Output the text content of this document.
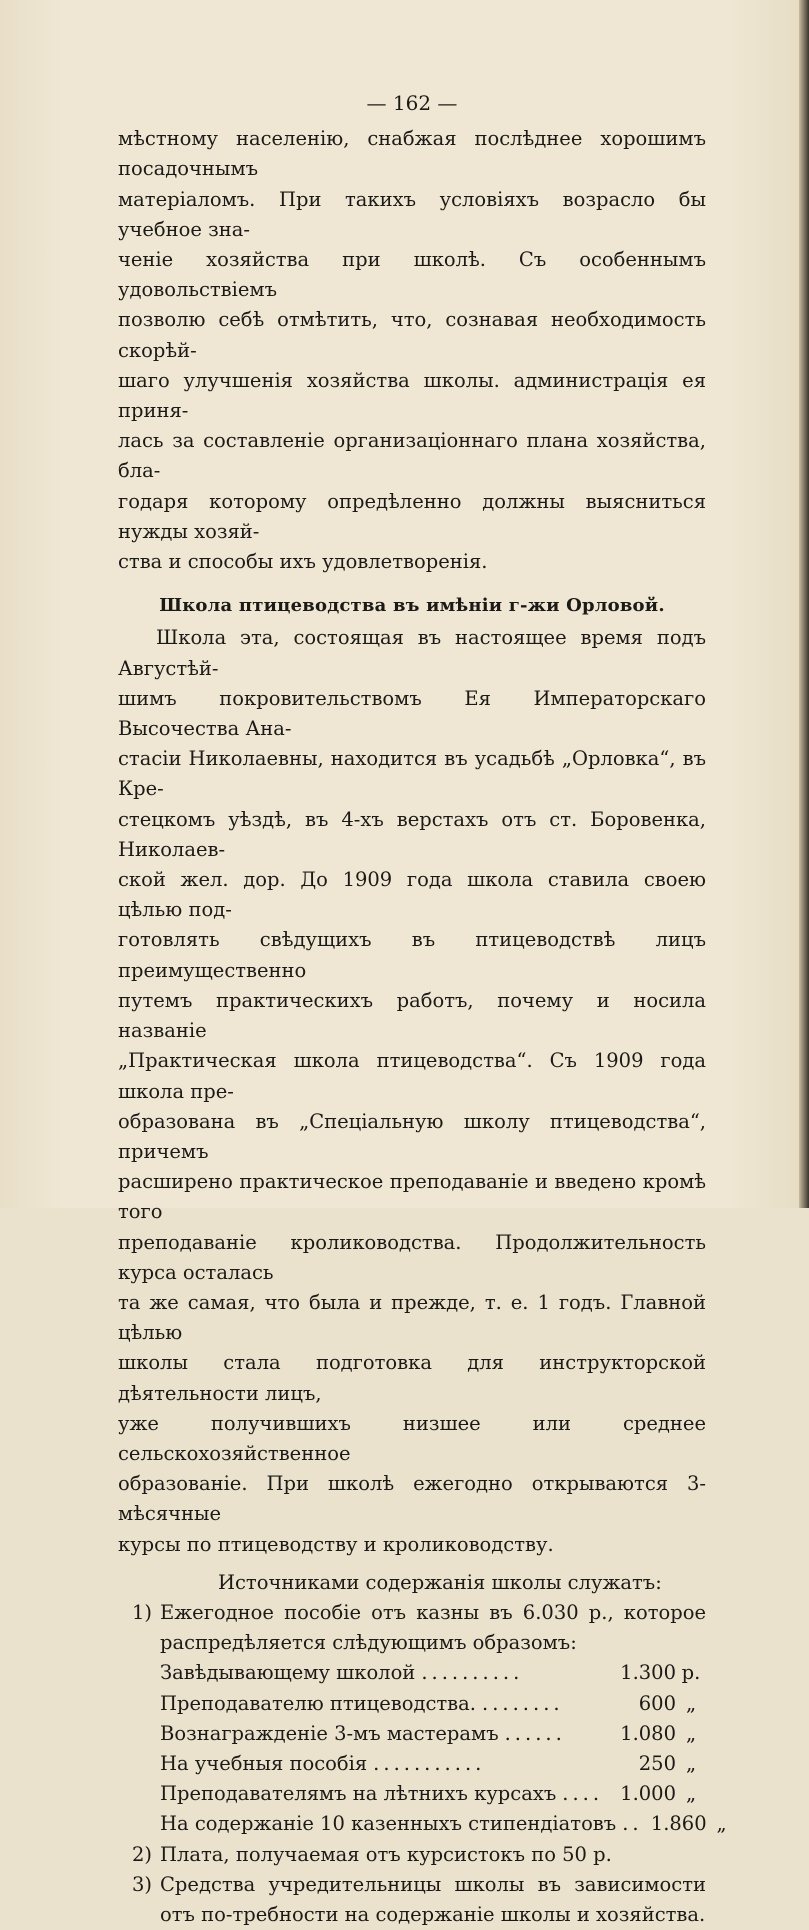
— 162 —
мѣстному населенію, снабжая послѣднее хорошимъ посадочнымъ
матеріаломъ. При такихъ условіяхъ возрасло бы учебное зна-
ченіе хозяйства при школѣ. Съ особеннымъ удовольствіемъ
позволю себѣ отмѣтить, что, сознавая необходимость скорѣй-
шаго улучшенія хозяйства школы. администрація ея приня-
лась за составленіе организаціоннаго плана хозяйства, бла-
годаря которому опредѣленно должны выясниться нужды хозяй-
ства и способы ихъ удовлетворенія.
Школа птицеводства въ имѣніи г-жи Орловой.
Школа эта, состоящая въ настоящее время подъ Августѣй-
шимъ покровительствомъ Ея Императорскаго Высочества Ана-
стасіи Николаевны, находится въ усадьбѣ „Орловка“, въ Кре-
стецкомъ уѣздѣ, въ 4-хъ верстахъ отъ ст. Боровенка, Николаев-
ской жел. дор. До 1909 года школа ставила своею цѣлью под-
готовлять свѣдущихъ въ птицеводствѣ лицъ преимущественно
путемъ практическихъ работъ, почему и носила названіе
„Практическая школа птицеводства“. Съ 1909 года школа пре-
образована въ „Спеціальную школу птицеводства“, причемъ
расширено практическое преподаваніе и введено кромѣ того
преподаваніе кролиководства. Продолжительность курса осталась
та же самая, что была и прежде, т. е. 1 годъ. Главной цѣлью
школы стала подготовка для инструкторской дѣятельности лицъ,
уже получившихъ низшее или среднее сельскохозяйственное
образованіе. При школѣ ежегодно открываются 3-мѣсячные
курсы по птицеводству и кролиководству.
Источниками содержанія школы служатъ:
1) Ежегодное пособіе отъ казны въ 6.030 р., которое распредѣляется слѣдующимъ образомъ:
Завѣдывающему школой ..........	1.300 р.
Преподавателю птицеводства. ........	600 „
Вознагражденіе 3-мъ мастерамъ ......	1.080 „
На учебныя пособія ...........	250 „
Преподавателямъ на лѣтнихъ курсахъ .... 1.000 „
На содержаніе 10 казенныхъ стипендіатовъ .. 1.860 „
2) Плата, получаемая отъ курсистокъ по 50 р.
3) Средства учредительницы школы въ зависимости отъ по-требности на содержаніе школы и хозяйства.
